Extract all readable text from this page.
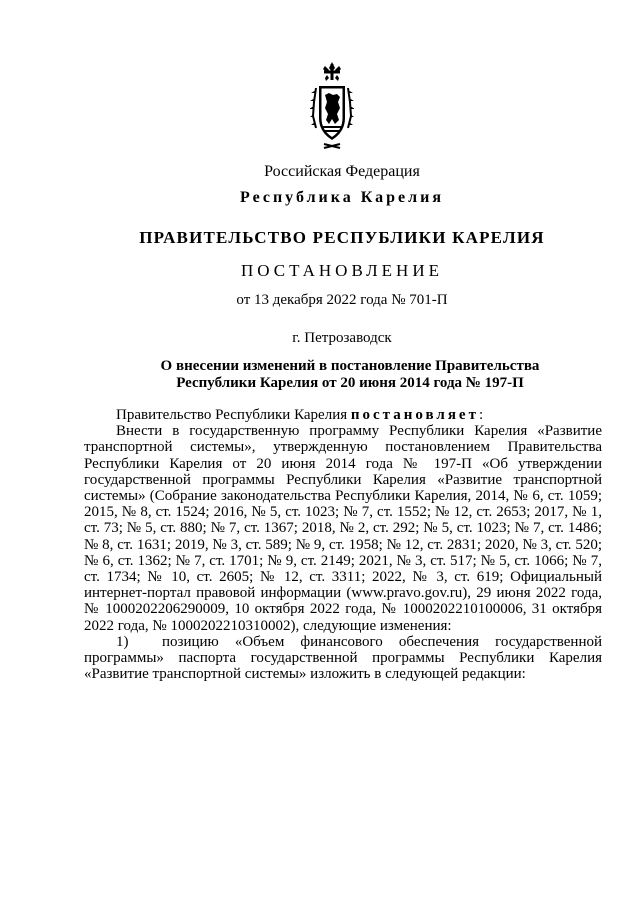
Российская Федерация
Республика Карелия
ПРАВИТЕЛЬСТВО РЕСПУБЛИКИ КАРЕЛИЯ
ПОСТАНОВЛЕНИЕ
от 13 декабря 2022 года № 701-П
г. Петрозаводск
О внесении изменений в постановление Правительства
Республики Карелия от 20 июня 2014 года № 197-П

Правительство Республики Карелия постановляет:

Внести в государственную программу Республики Карелия «Развитие транспортной системы», утвержденную постановлением Правительства Республики Карелия от 20 июня 2014 года № 197-П «Об утверждении государственной программы Республики Карелия «Развитие транспортной системы» (Собрание законодательства Республики Карелия, 2014, № 6, ст. 1059; 2015, № 8, ст. 1524; 2016, № 5, ст. 1023; № 7, ст. 1552; № 12, ст. 2653; 2017, № 1, ст. 73; № 5, ст. 880; № 7, ст. 1367; 2018, № 2, ст. 292; № 5, ст. 1023; № 7, ст. 1486; № 8, ст. 1631; 2019, № 3, ст. 589; № 9, ст. 1958; № 12, ст. 2831; 2020, № 3, ст. 520; № 6, ст. 1362; № 7, ст. 1701; № 9, ст. 2149; 2021, № 3, ст. 517; № 5, ст. 1066; № 7, ст. 1734; № 10, ст. 2605; № 12, ст. 3311; 2022, № 3, ст. 619; Официальный интернет-портал правовой информации (www.pravo.gov.ru), 29 июня 2022 года, № 1000202206290009, 10 октября 2022 года, № 1000202210100006, 31 октября 2022 года, № 1000202210310002), следующие изменения:

1) позицию «Объем финансового обеспечения государственной программы» паспорта государственной программы Республики Карелия «Развитие транспортной системы» изложить в следующей редакции:
